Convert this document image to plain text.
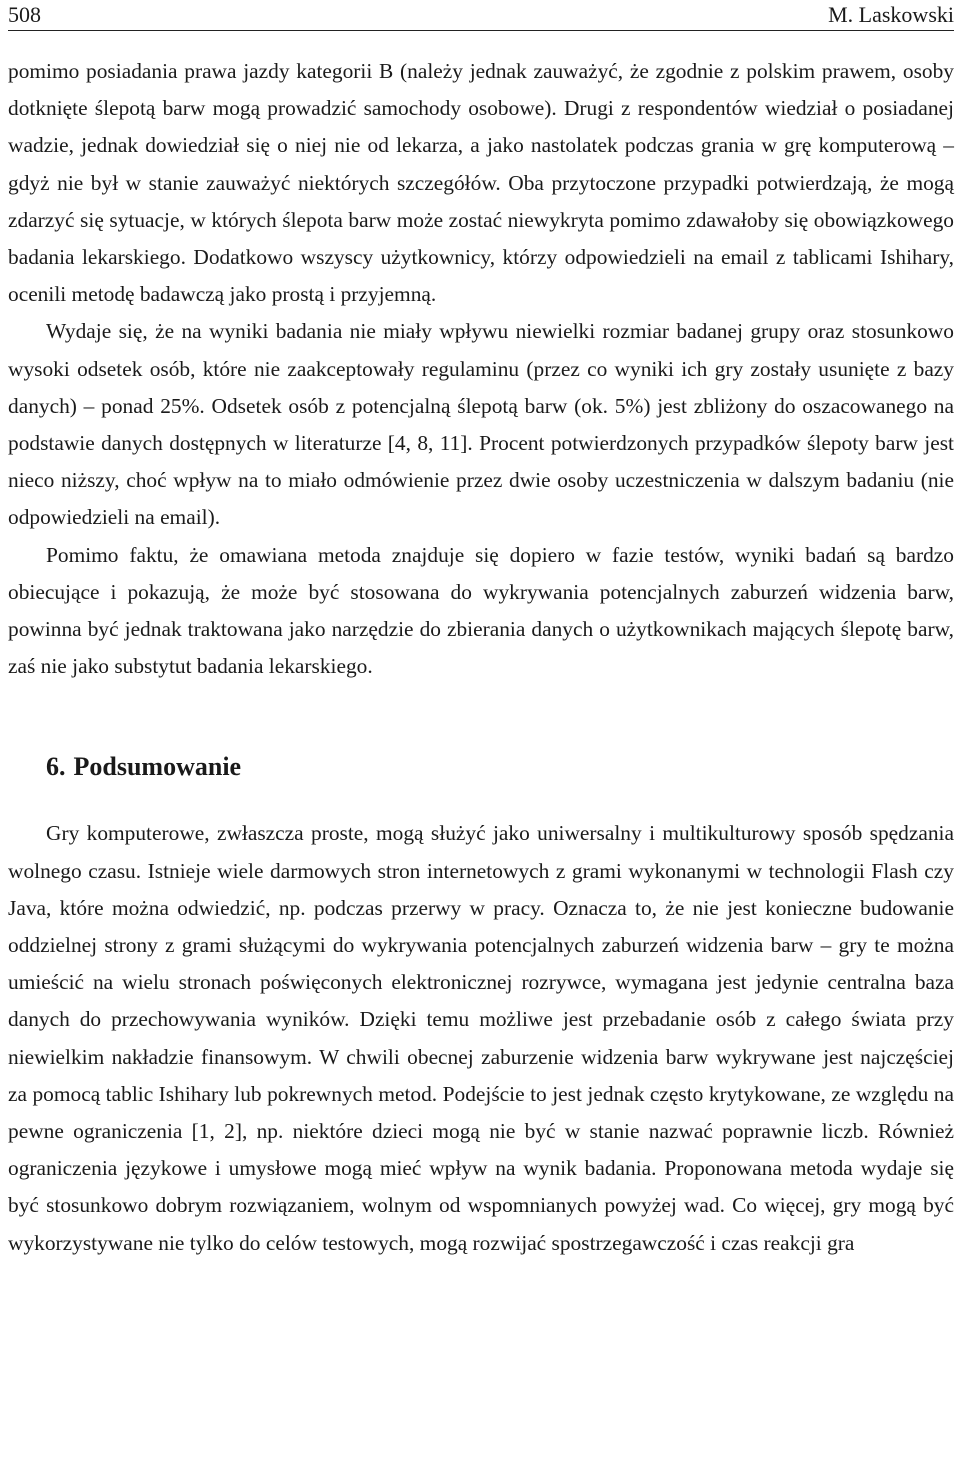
508	M. Laskowski

pomimo posiadania prawa jazdy kategorii B (należy jednak zauważyć, że zgodnie z polskim prawem, osoby dotknięte ślepotą barw mogą prowadzić samochody osobowe). Drugi z respondentów wiedział o posiadanej wadzie, jednak dowiedział się o niej nie od lekarza, a jako nastolatek podczas grania w grę komputerową – gdyż nie był w stanie zauważyć niektórych szczegółów. Oba przytoczone przypadki potwierdzają, że mogą zdarzyć się sytuacje, w których ślepota barw może zostać niewykryta pomimo zdawałoby się obowiązkowego badania lekarskiego. Dodatkowo wszyscy użytkownicy, którzy odpowiedzieli na email z tablicami Ishihary, ocenili metodę badawczą jako prostą i przyjemną.

Wydaje się, że na wyniki badania nie miały wpływu niewielki rozmiar badanej grupy oraz stosunkowo wysoki odsetek osób, które nie zaakceptowały regulaminu (przez co wyniki ich gry zostały usunięte z bazy danych) – ponad 25%. Odsetek osób z potencjalną ślepotą barw (ok. 5%) jest zbliżony do oszacowanego na podstawie danych dostępnych w literaturze [4, 8, 11]. Procent potwierdzonych przypadków ślepoty barw jest nieco niższy, choć wpływ na to miało odmówienie przez dwie osoby uczestniczenia w dalszym badaniu (nie odpowiedzieli na email).

Pomimo faktu, że omawiana metoda znajduje się dopiero w fazie testów, wyniki badań są bardzo obiecujące i pokazują, że może być stosowana do wykrywania potencjalnych zaburzeń widzenia barw, powinna być jednak traktowana jako narzędzie do zbierania danych o użytkownikach mających ślepotę barw, zaś nie jako substytut badania lekarskiego.

6. Podsumowanie

Gry komputerowe, zwłaszcza proste, mogą służyć jako uniwersalny i multikulturowy sposób spędzania wolnego czasu. Istnieje wiele darmowych stron internetowych z grami wykonanymi w technologii Flash czy Java, które można odwiedzić, np. podczas przerwy w pracy. Oznacza to, że nie jest konieczne budowanie oddzielnej strony z grami służącymi do wykrywania potencjalnych zaburzeń widzenia barw – gry te można umieścić na wielu stronach poświęconych elektronicznej rozrywce, wymagana jest jedynie centralna baza danych do przechowywania wyników. Dzięki temu możliwe jest przebadanie osób z całego świata przy niewielkim nakładzie finansowym. W chwili obecnej zaburzenie widzenia barw wykrywane jest najczęściej za pomocą tablic Ishihary lub pokrewnych metod. Podejście to jest jednak często krytykowane, ze względu na pewne ograniczenia [1, 2], np. niektóre dzieci mogą nie być w stanie nazwać poprawnie liczb. Również ograniczenia językowe i umysłowe mogą mieć wpływ na wynik badania. Proponowana metoda wydaje się być stosunkowo dobrym rozwiązaniem, wolnym od wspomnianych powyżej wad. Co więcej, gry mogą być wykorzystywane nie tylko do celów testowych, mogą rozwijać spostrzegawczość i czas reakcji gra
